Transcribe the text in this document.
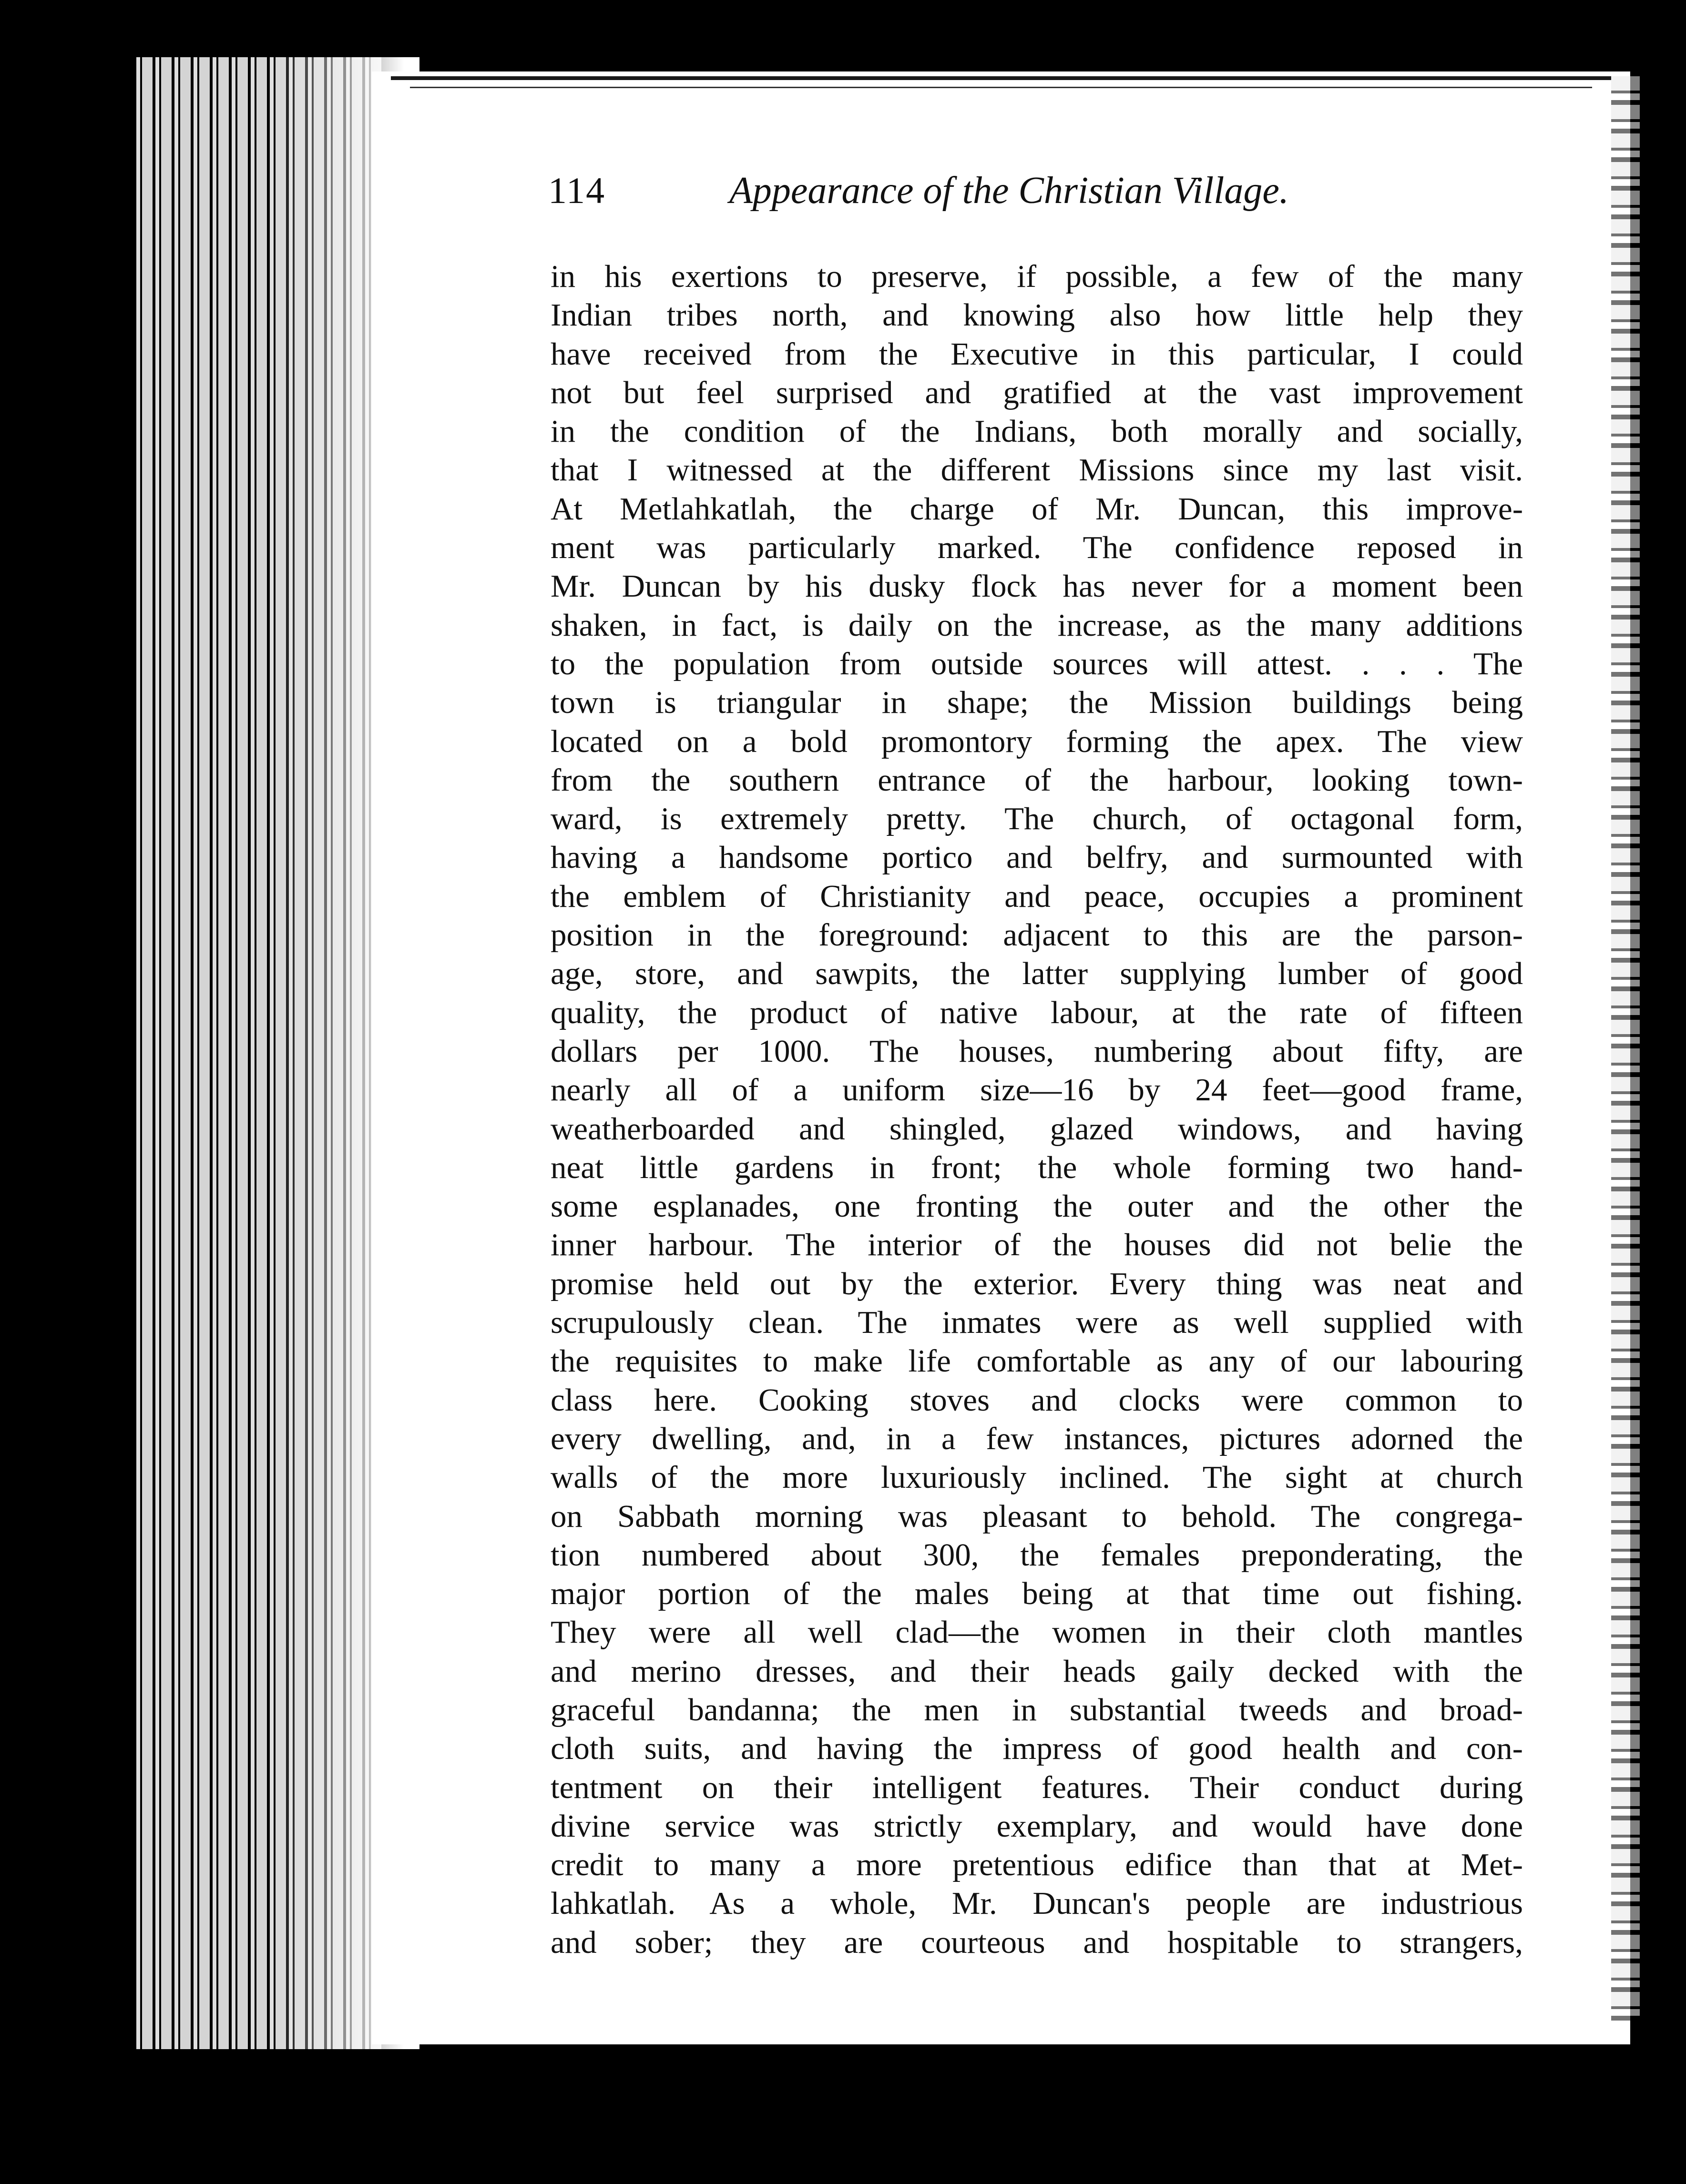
114	Appearance of the Christian Village.
in his exertions to preserve, if possible, a few of the many
Indian tribes north, and knowing also how little help they
have received from the Executive in this particular, I could
not but feel surprised and gratified at the vast improvement
in the condition of the Indians, both morally and socially,
that I witnessed at the different Missions since my last visit.
At Metlahkatlah, the charge of Mr. Duncan, this improve-
ment was particularly marked. The confidence reposed in
Mr. Duncan by his dusky flock has never for a moment been
shaken, in fact, is daily on the increase, as the many additions
to the population from outside sources will attest. . . . The
town is triangular in shape; the Mission buildings being
located on a bold promontory forming the apex. The view
from the southern entrance of the harbour, looking town-
ward, is extremely pretty. The church, of octagonal form,
having a handsome portico and belfry, and surmounted with
the emblem of Christianity and peace, occupies a prominent
position in the foreground: adjacent to this are the parson-
age, store, and sawpits, the latter supplying lumber of good
quality, the product of native labour, at the rate of fifteen
dollars per 1000. The houses, numbering about fifty, are
nearly all of a uniform size—16 by 24 feet—good frame,
weatherboarded and shingled, glazed windows, and having
neat little gardens in front; the whole forming two hand-
some esplanades, one fronting the outer and the other the
inner harbour. The interior of the houses did not belie the
promise held out by the exterior. Every thing was neat and
scrupulously clean. The inmates were as well supplied with
the requisites to make life comfortable as any of our labouring
class here. Cooking stoves and clocks were common to
every dwelling, and, in a few instances, pictures adorned the
walls of the more luxuriously inclined. The sight at church
on Sabbath morning was pleasant to behold. The congrega-
tion numbered about 300, the females preponderating, the
major portion of the males being at that time out fishing.
They were all well clad—the women in their cloth mantles
and merino dresses, and their heads gaily decked with the
graceful bandanna; the men in substantial tweeds and broad-
cloth suits, and having the impress of good health and con-
tentment on their intelligent features. Their conduct during
divine service was strictly exemplary, and would have done
credit to many a more pretentious edifice than that at Met-
lahkatlah. As a whole, Mr. Duncan's people are industrious
and sober; they are courteous and hospitable to strangers,
